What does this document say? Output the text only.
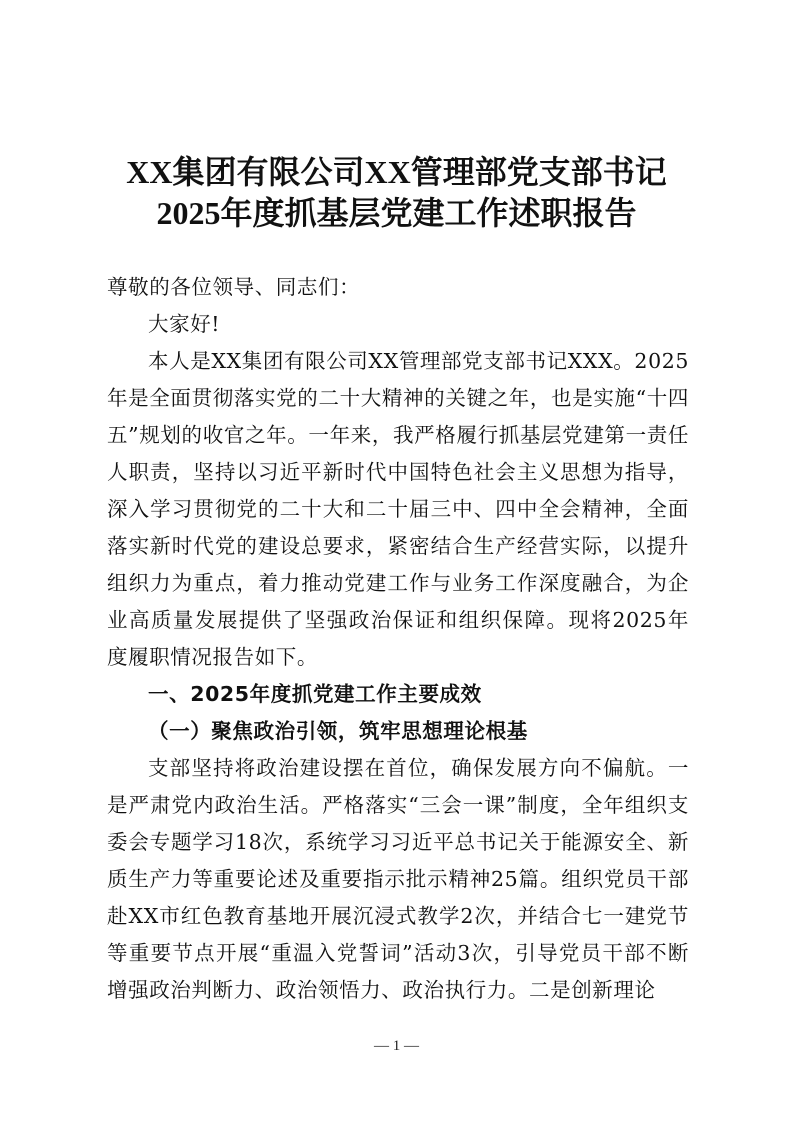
XX集团有限公司XX管理部党支部书记
2025年度抓基层党建工作述职报告
尊敬的各位领导、同志们：
大家好!
本人是XX集团有限公司XX管理部党支部书记XXX。2025年是全面贯彻落实党的二十大精神的关键之年，也是实施“十四五”规划的收官之年。一年来，我严格履行抓基层党建第一责任人职责，坚持以习近平新时代中国特色社会主义思想为指导，深入学习贯彻党的二十大和二十届三中、四中全会精神，全面落实新时代党的建设总要求，紧密结合生产经营实际，以提升组织力为重点，着力推动党建工作与业务工作深度融合，为企业高质量发展提供了坚强政治保证和组织保障。现将2025年度履职情况报告如下。
一、2025年度抓党建工作主要成效
（一）聚焦政治引领，筑牢思想理论根基
支部坚持将政治建设摆在首位，确保发展方向不偏航。一是严肃党内政治生活。严格落实“三会一课”制度，全年组织支委会专题学习18次，系统学习习近平总书记关于能源安全、新质生产力等重要论述及重要指示批示精神25篇。组织党员干部赴XX市红色教育基地开展沉浸式教学2次，并结合七一建党节等重要节点开展“重温入党誓词”活动3次，引导党员干部不断增强政治判断力、政治领悟力、政治执行力。二是创新理论
— 1 —
